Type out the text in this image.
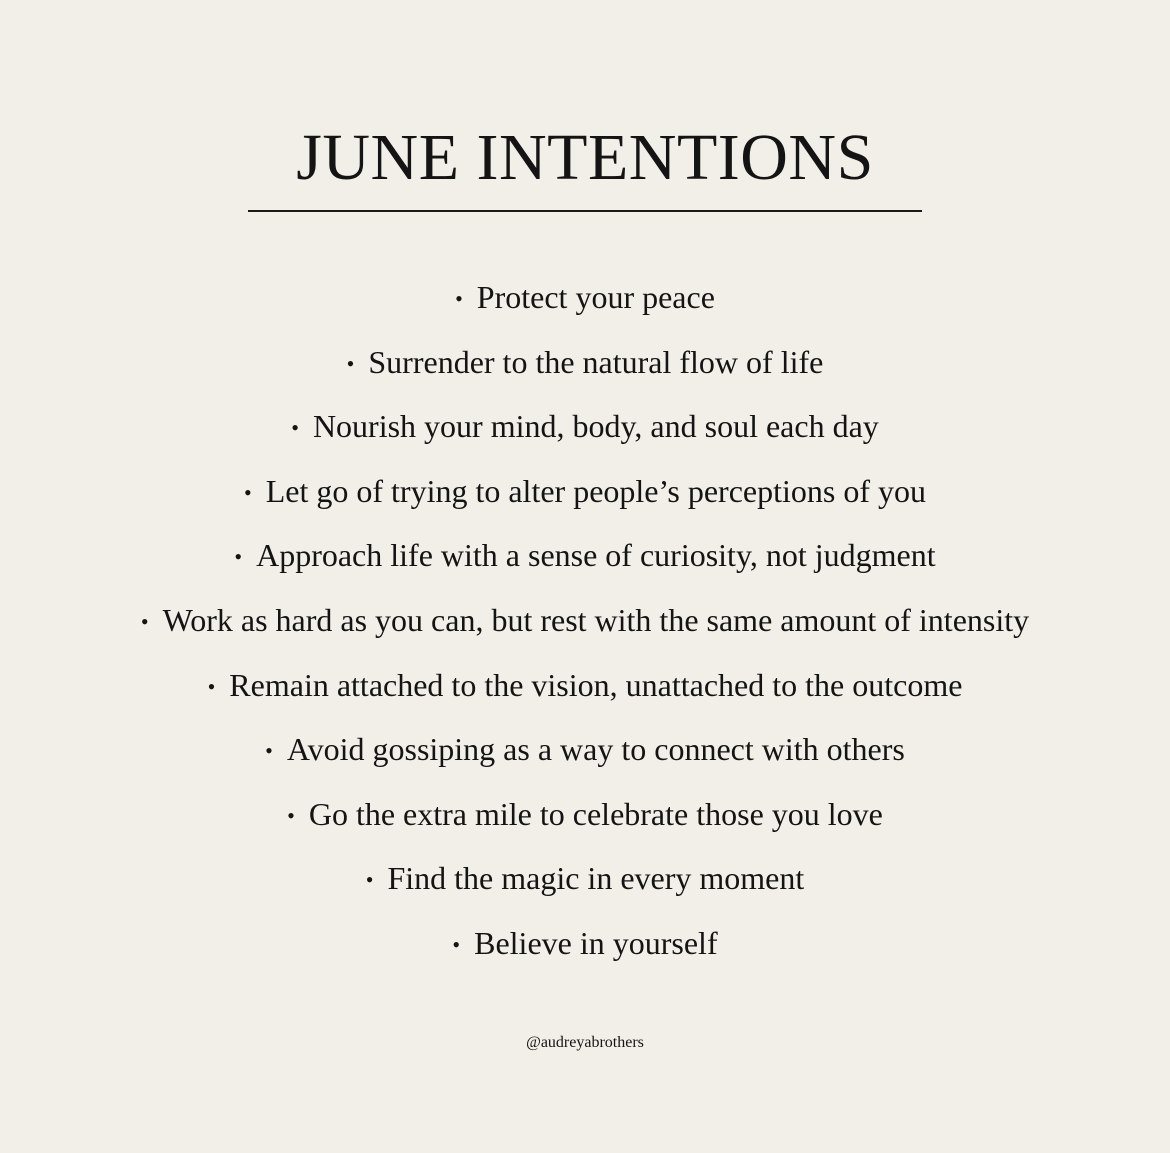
JUNE INTENTIONS
• Protect your peace
• Surrender to the natural flow of life
• Nourish your mind, body, and soul each day
• Let go of trying to alter people’s perceptions of you
• Approach life with a sense of curiosity, not judgment
• Work as hard as you can, but rest with the same amount of intensity
• Remain attached to the vision, unattached to the outcome
• Avoid gossiping as a way to connect with others
• Go the extra mile to celebrate those you love
• Find the magic in every moment
• Believe in yourself
@audreyabrothers
